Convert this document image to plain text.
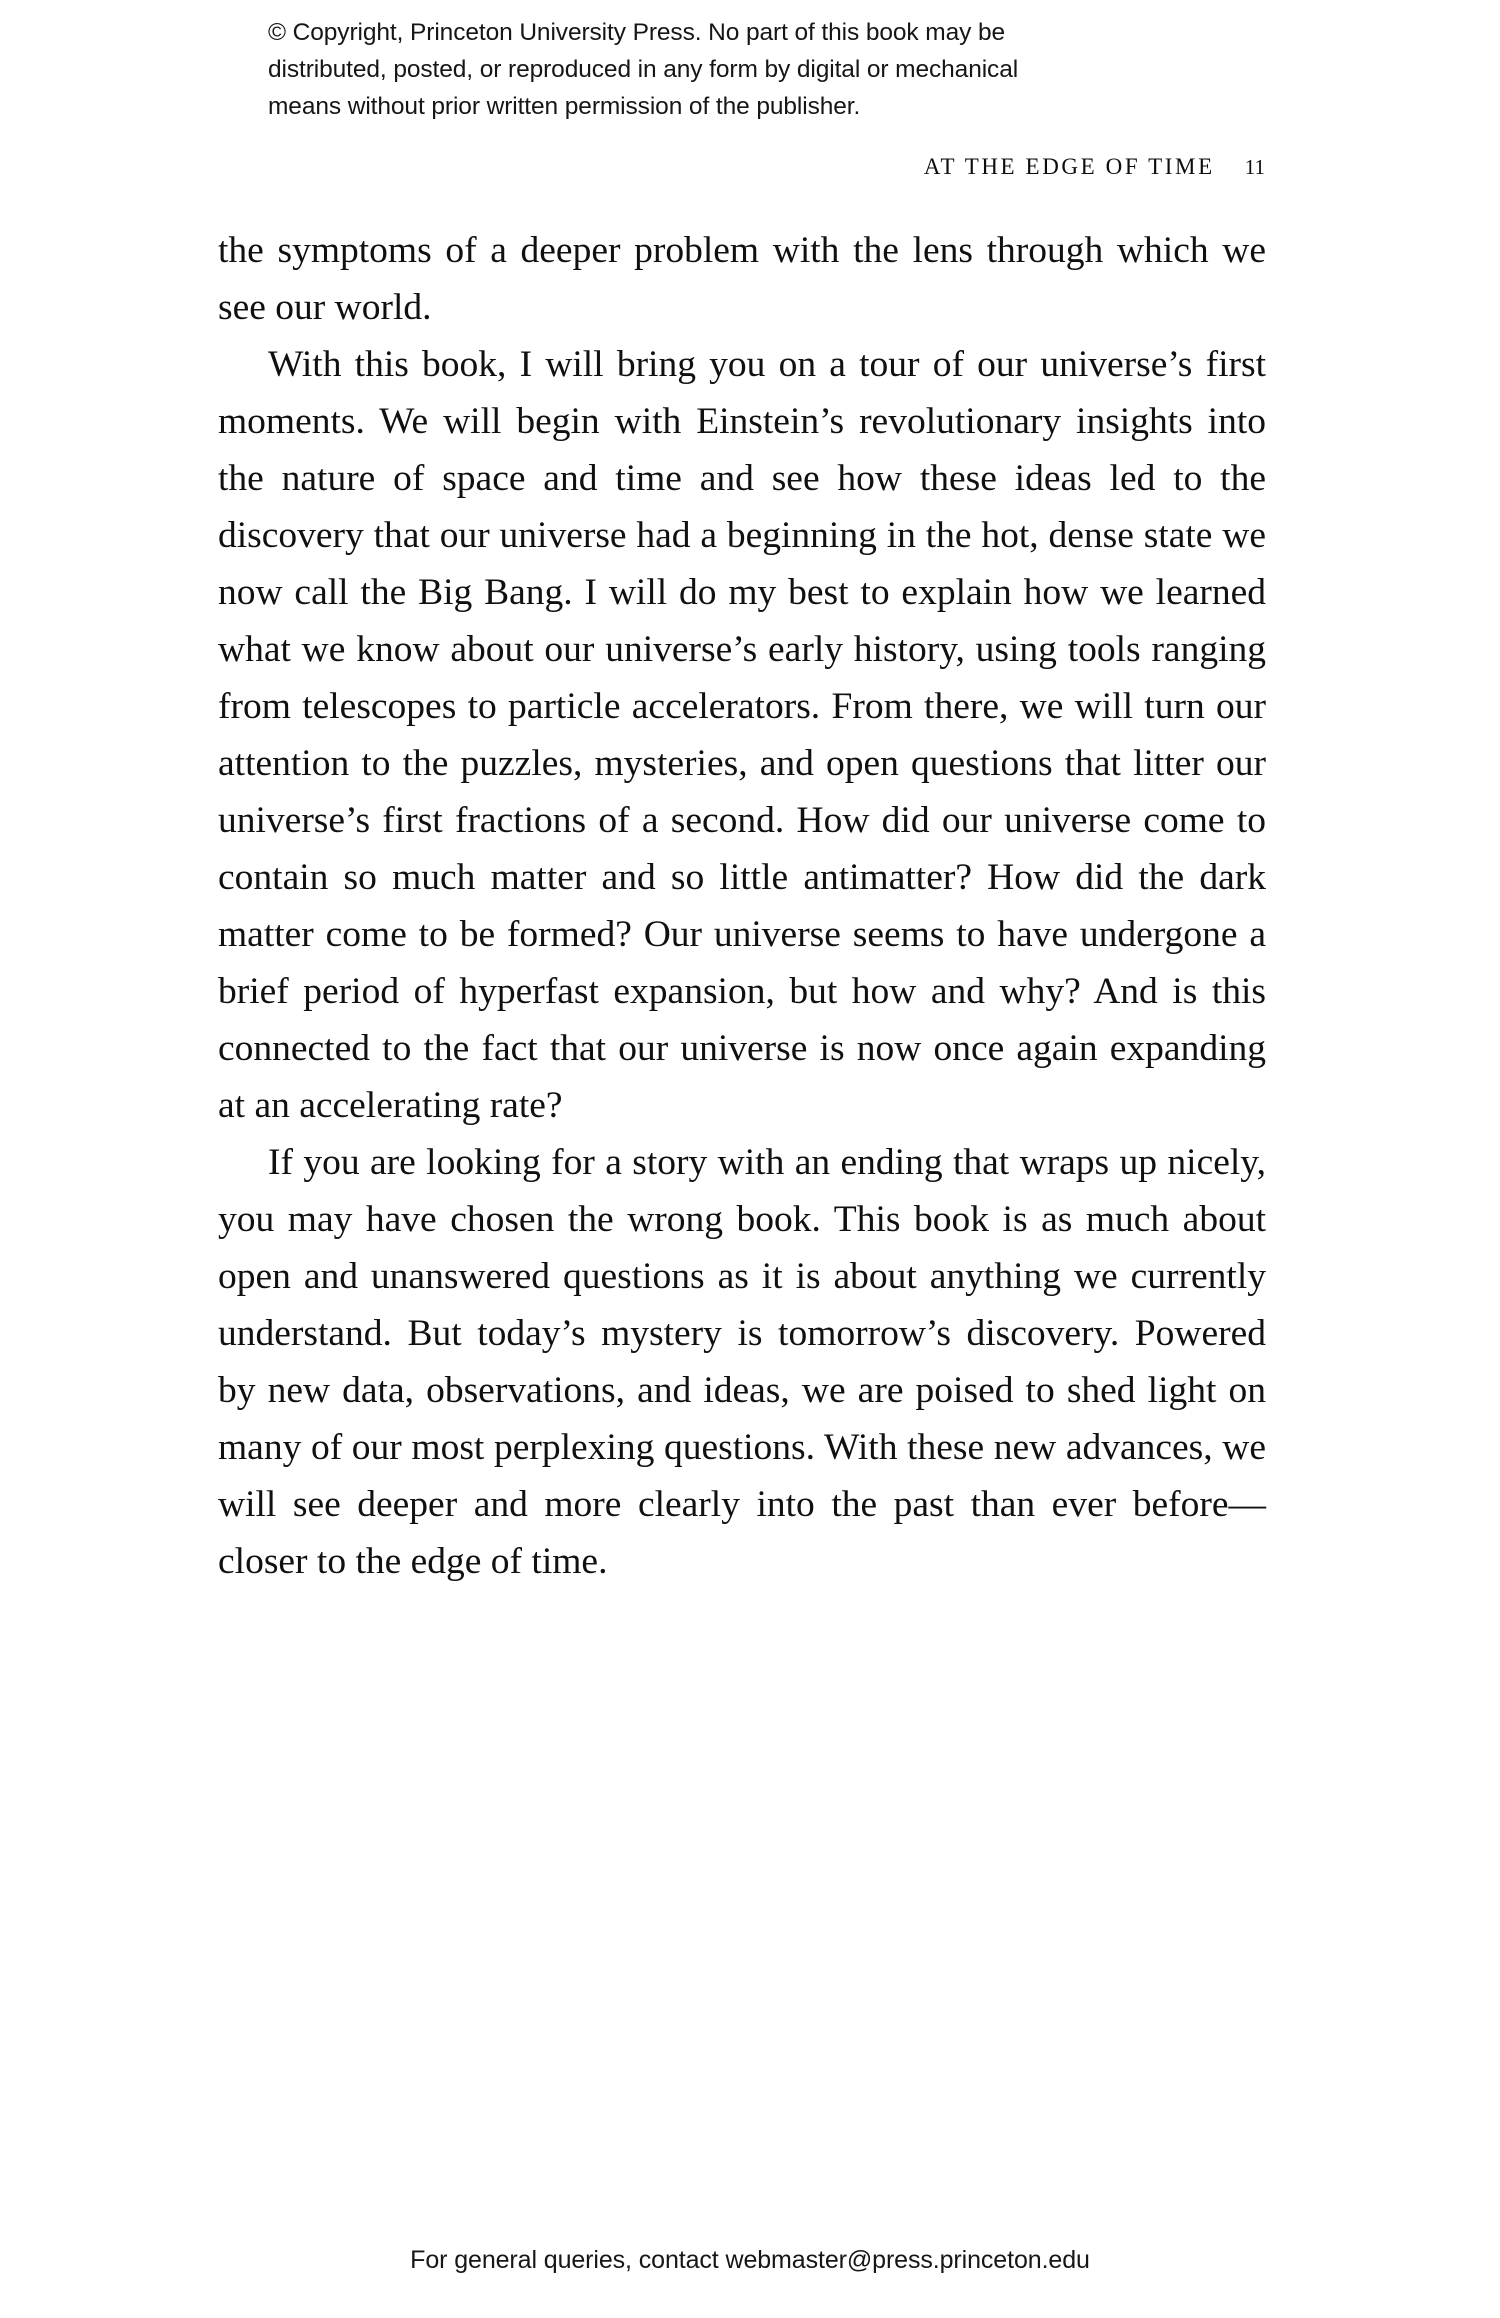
© Copyright, Princeton University Press. No part of this book may be
distributed, posted, or reproduced in any form by digital or mechanical
means without prior written permission of the publisher.
AT THE EDGE OF TIME 11

the symptoms of a deeper problem with the lens through which we see our world.

With this book, I will bring you on a tour of our universe’s first moments. We will begin with Einstein’s revolutionary insights into the nature of space and time and see how these ideas led to the discovery that our universe had a beginning in the hot, dense state we now call the Big Bang. I will do my best to explain how we learned what we know about our universe’s early history, using tools ranging from telescopes to particle accelerators. From there, we will turn our attention to the puzzles, mysteries, and open questions that litter our universe’s first fractions of a second. How did our universe come to contain so much matter and so little antimatter? How did the dark matter come to be formed? Our universe seems to have undergone a brief period of hyperfast expansion, but how and why? And is this connected to the fact that our universe is now once again expanding at an accelerating rate?

If you are looking for a story with an ending that wraps up nicely, you may have chosen the wrong book. This book is as much about open and unanswered questions as it is about anything we currently understand. But today’s mystery is tomorrow’s discovery. Powered by new data, observations, and ideas, we are poised to shed light on many of our most perplexing questions. With these new advances, we will see deeper and more clearly into the past than ever before—closer to the edge of time.

For general queries, contact webmaster@press.princeton.edu
